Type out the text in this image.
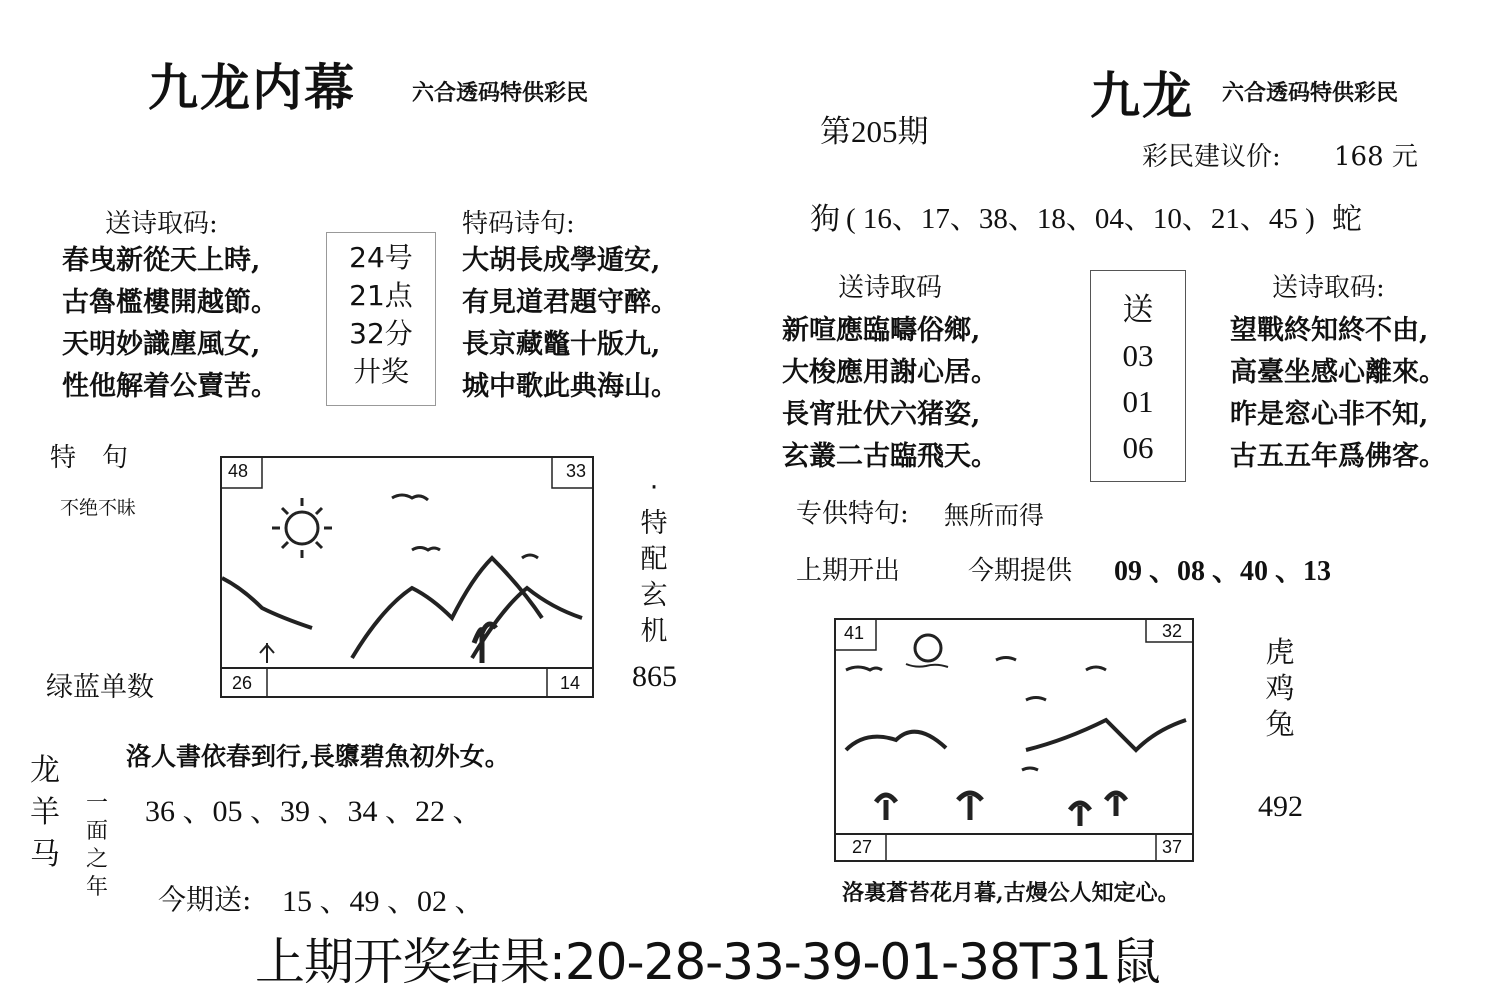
九龙内幕	六合透码特供彩民
送诗取码:
春曳新從天上時,
古魯檻樓開越節。
天明妙識塵風女,
性他解着公賣苦。
24号
21点
32分
廾奖
特码诗句:
大胡長成學遁安,
有見道君題守醉。
長京藏鼈十版九,
城中歌此典海山。
特　句
不绝不昧
48	33
26	14
·
特
配
玄
机
865
绿蓝单数
洛人書依春到行,長隳碧魚初外女。
龙
羊
马
一
面
之
年
36 、05 、39 、34 、22 、
今期送: 15 、49 、02 、
九龙 六合透码特供彩民
第205期
彩民建议价: 168 元
狗 ( 16、17、38、18、04、10、21、45 ) 蛇
送诗取码
新喧應臨疇俗鄉,
大梭應用謝心居。
長宵壯伏六猪姿,
玄叢二古臨飛天。
送
03
01
06
送诗取码:
望戰終知終不由,
高臺坐感心離來。
昨是窓心非不知,
古五五年爲佛客。
专供特句: 無所而得
上期开出	今期提供 09 、08 、40 、13
41	32
27	37
虎
鸡
兔
492
洛裏蒼苔花月暮,古熳公人知定心。
上期开奖结果:20-28-33-39-01-38T31鼠
